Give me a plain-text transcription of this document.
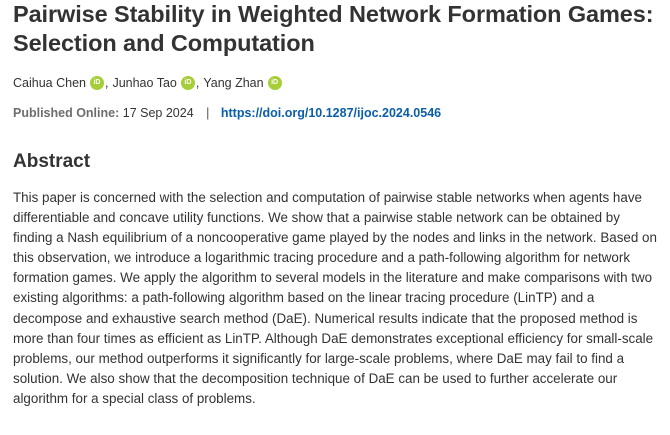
Pairwise Stability in Weighted Network Formation Games: Selection and Computation
Caihua Chen	iD , Junhao Tao	iD , Yang Zhan	iD
Published Online: 17 Sep 2024 | https://doi.org/10.1287/ijoc.2024.0546
Abstract

This paper is concerned with the selection and computation of pairwise stable networks when agents have differentiable and concave utility functions. We show that a pairwise stable network can be obtained by finding a Nash equilibrium of a noncooperative game played by the nodes and links in the network. Based on this observation, we introduce a logarithmic tracing procedure and a path-following algorithm for network formation games. We apply the algorithm to several models in the literature and make comparisons with two existing algorithms: a path-following algorithm based on the linear tracing procedure (LinTP) and a decompose and exhaustive search method (DaE). Numerical results indicate that the proposed method is more than four times as efficient as LinTP. Although DaE demonstrates exceptional efficiency for small-scale problems, our method outperforms it significantly for large-scale problems, where DaE may fail to find a solution. We also show that the decomposition technique of DaE can be used to further accelerate our algorithm for a special class of problems.
